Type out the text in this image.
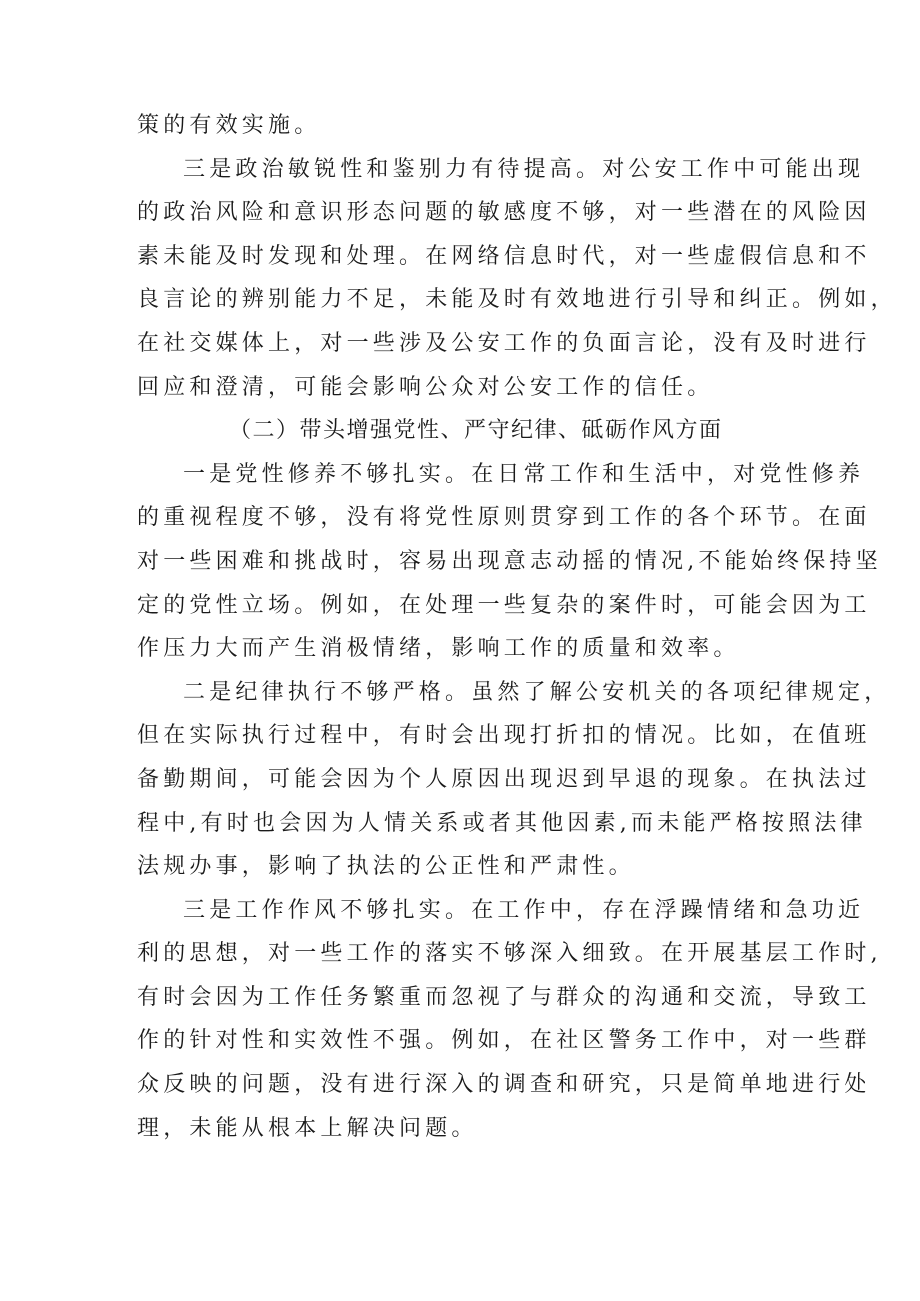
策的有效实施。
三是政治敏锐性和鉴别力有待提高。对公安工作中可能出现
的政治风险和意识形态问题的敏感度不够，对一些潜在的风险因
素未能及时发现和处理。在网络信息时代，对一些虚假信息和不
良言论的辨别能力不足，未能及时有效地进行引导和纠正。例如，
在社交媒体上，对一些涉及公安工作的负面言论，没有及时进行
回应和澄清，可能会影响公众对公安工作的信任。
（二）带头增强党性、严守纪律、砥砺作风方面
一是党性修养不够扎实。在日常工作和生活中，对党性修养
的重视程度不够，没有将党性原则贯穿到工作的各个环节。在面
对一些困难和挑战时，容易出现意志动摇的情况,不能始终保持坚
定的党性立场。例如，在处理一些复杂的案件时，可能会因为工
作压力大而产生消极情绪，影响工作的质量和效率。
二是纪律执行不够严格。虽然了解公安机关的各项纪律规定，
但在实际执行过程中，有时会出现打折扣的情况。比如，在值班
备勤期间，可能会因为个人原因出现迟到早退的现象。在执法过
程中,有时也会因为人情关系或者其他因素,而未能严格按照法律
法规办事，影响了执法的公正性和严肃性。
三是工作作风不够扎实。在工作中，存在浮躁情绪和急功近
利的思想，对一些工作的落实不够深入细致。在开展基层工作时,
有时会因为工作任务繁重而忽视了与群众的沟通和交流，导致工
作的针对性和实效性不强。例如，在社区警务工作中，对一些群
众反映的问题，没有进行深入的调查和研究，只是简单地进行处
理，未能从根本上解决问题。
